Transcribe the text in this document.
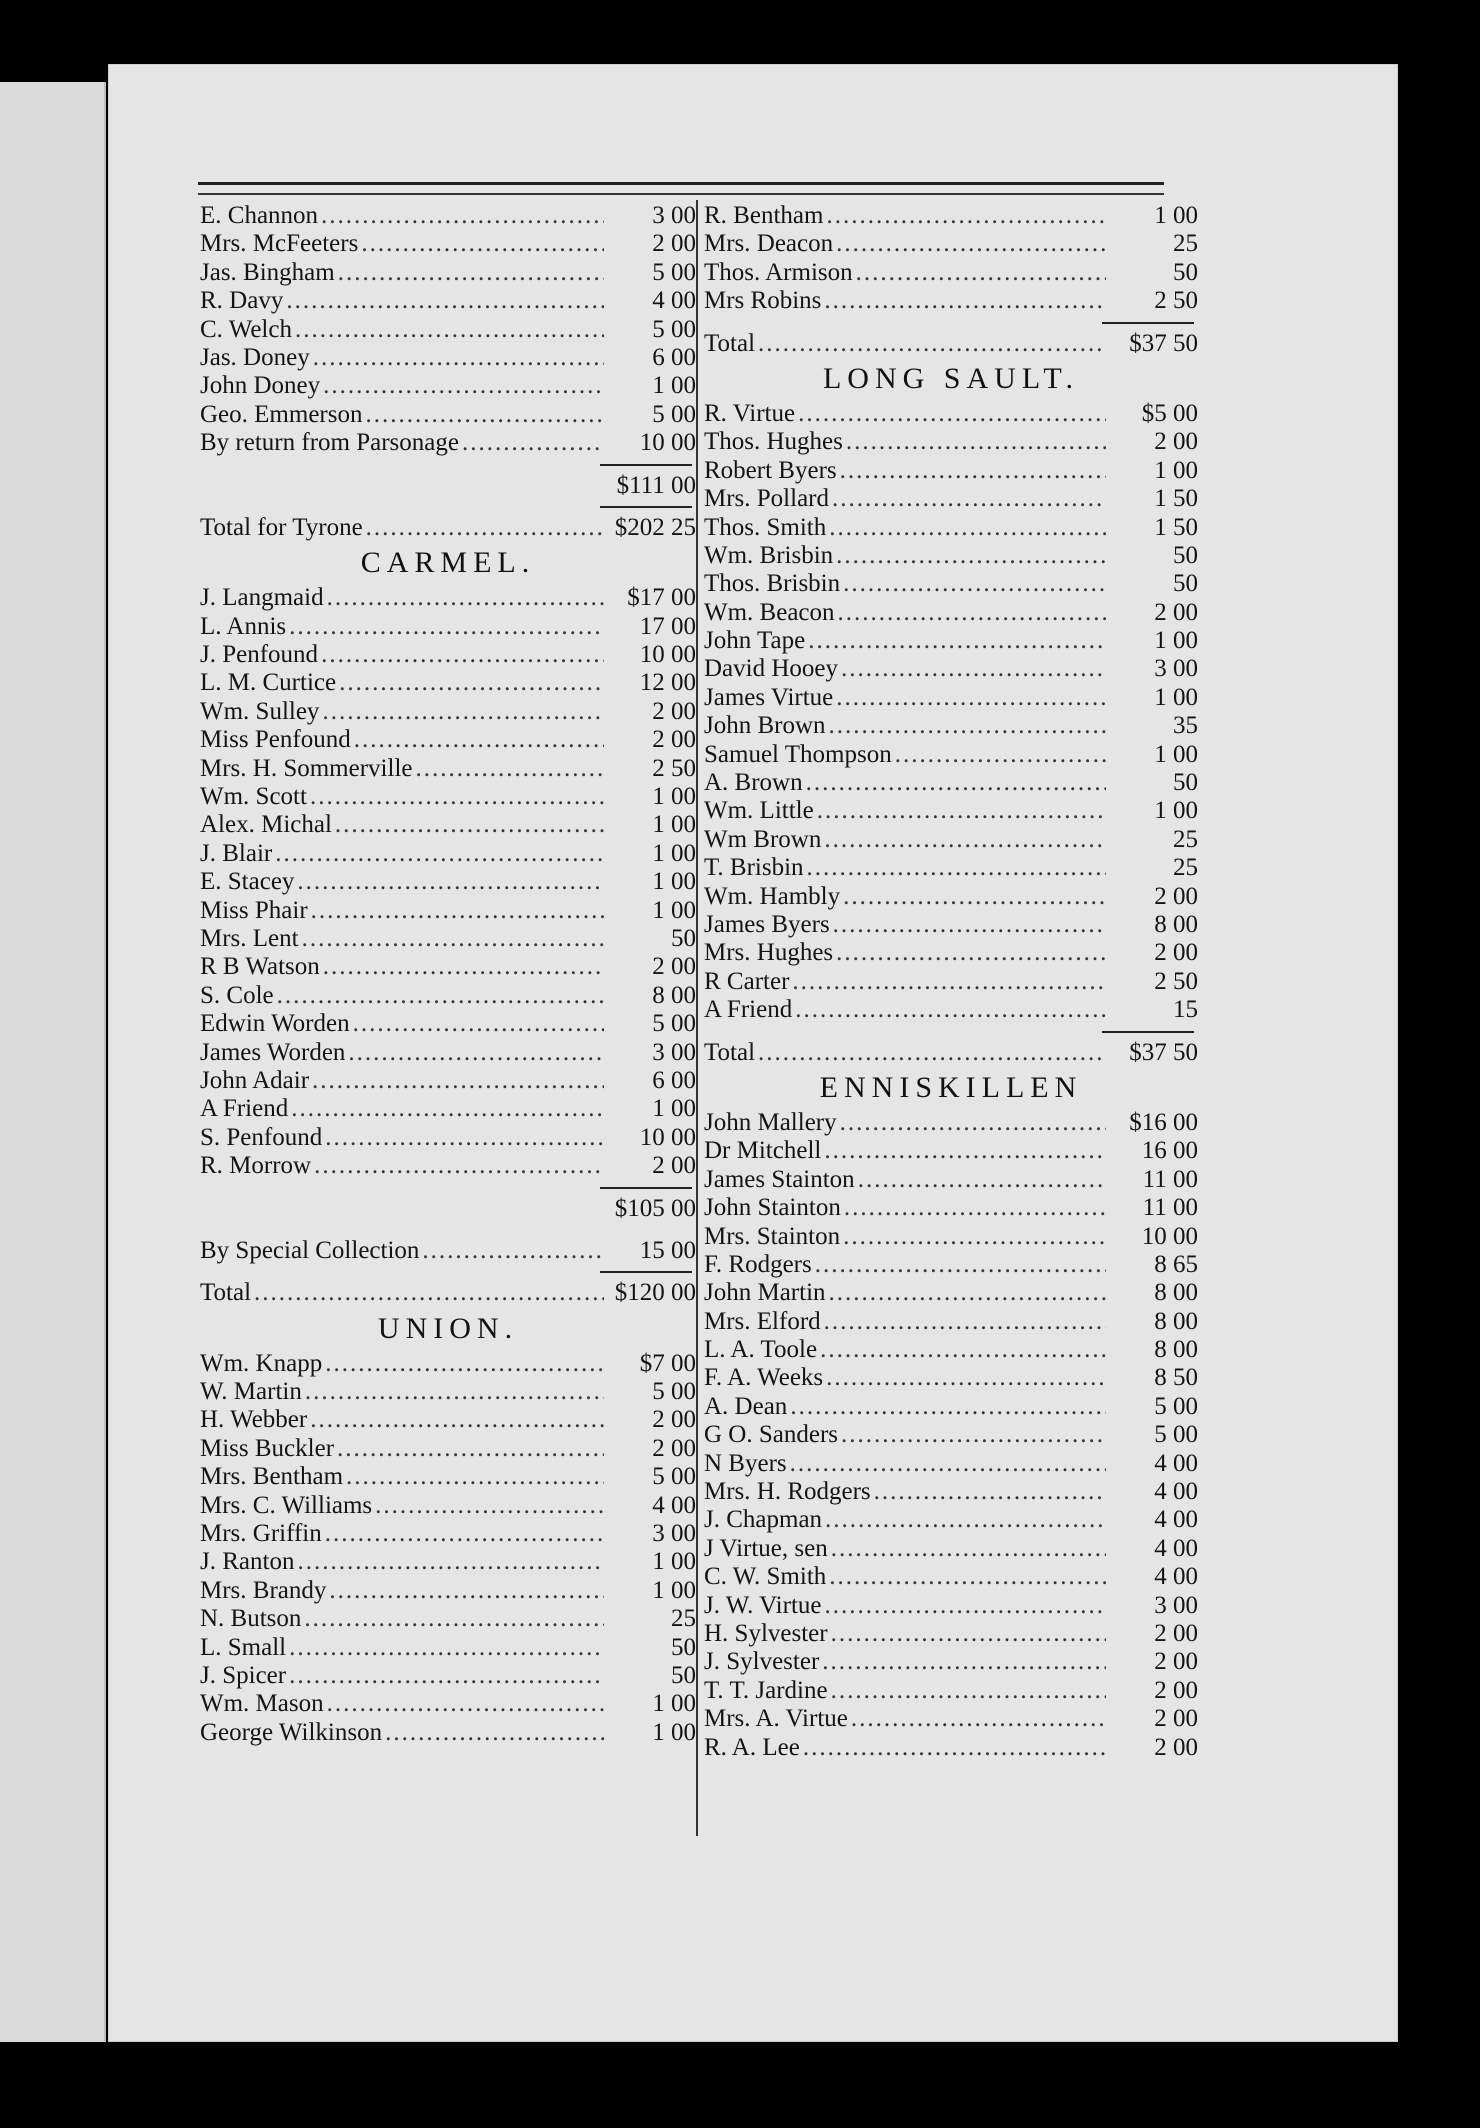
E. Channon .....	3 00
Mrs. McFeeters .....	2 00
Jas. Bingham .....	5 00
R. Davy .....	4 00
C. Welch .....	5 00
Jas. Doney .....	6 00
John Doney .....	1 00
Geo. Emmerson .....	5 00
By return from Parsonage .....	10 00
$111 00
Total for Tyrone .....	$202 25
CARMEL.
J. Langmaid .....	$17 00
L. Annis .....	17 00
J. Penfound .....	10 00
L. M. Curtice .....	12 00
Wm. Sulley .....	2 00
Miss Penfound .....	2 00
Mrs. H. Sommerville .....	2 50
Wm. Scott .....	1 00
Alex. Michal .....	1 00
J. Blair .....	1 00
E. Stacey .....	1 00
Miss Phair .....	1 00
Mrs. Lent .....	50
R B Watson .....	2 00
S. Cole .....	8 00
Edwin Worden .....	5 00
James Worden .....	3 00
John Adair .....	6 00
A Friend .....	1 00
S. Penfound .....	10 00
R. Morrow .....	2 00
$105 00
By Special Collection .....	15 00
Total .....	$120 00
UNION.
Wm. Knapp .....	$7 00
W. Martin .....	5 00
H. Webber .....	2 00
Miss Buckler .....	2 00
Mrs. Bentham .....	5 00
Mrs. C. Williams .....	4 00
Mrs. Griffin .....	3 00
J. Ranton .....	1 00
Mrs. Brandy .....	1 00
N. Butson .....	25
L. Small .....	50
J. Spicer .....	50
Wm. Mason .....	1 00
George Wilkinson .....	1 00
R. Bentham .....	1 00
Mrs. Deacon .....	25
Thos. Armison .....	50
Mrs Robins .....	2 50
Total .....	$37 50
LONG SAULT.
R. Virtue .....	$5 00
Thos. Hughes .....	2 00
Robert Byers .....	1 00
Mrs. Pollard .....	1 50
Thos. Smith .....	1 50
Wm. Brisbin .....	50
Thos. Brisbin .....	50
Wm. Beacon .....	2 00
John Tape .....	1 00
David Hooey .....	3 00
James Virtue .....	1 00
John Brown .....	35
Samuel Thompson .....	1 00
A. Brown .....	50
Wm. Little .....	1 00
Wm Brown .....	25
T. Brisbin .....	25
Wm. Hambly .....	2 00
James Byers .....	8 00
Mrs. Hughes .....	2 00
R Carter .....	2 50
A Friend .....	15
Total .....	$37 50
ENNISKILLEN
John Mallery .....	$16 00
Dr Mitchell .....	16 00
James Stainton .....	11 00
John Stainton .....	11 00
Mrs. Stainton .....	10 00
F. Rodgers .....	8 65
John Martin .....	8 00
Mrs. Elford .....	8 00
L. A. Toole .....	8 00
F. A. Weeks .....	8 50
A. Dean .....	5 00
G O. Sanders .....	5 00
N Byers .....	4 00
Mrs. H. Rodgers .....	4 00
J. Chapman .....	4 00
J Virtue, sen .....	4 00
C. W. Smith .....	4 00
J. W. Virtue .....	3 00
H. Sylvester .....	2 00
J. Sylvester .....	2 00
T. T. Jardine .....	2 00
Mrs. A. Virtue .....	2 00
R. A. Lee .....	2 00
